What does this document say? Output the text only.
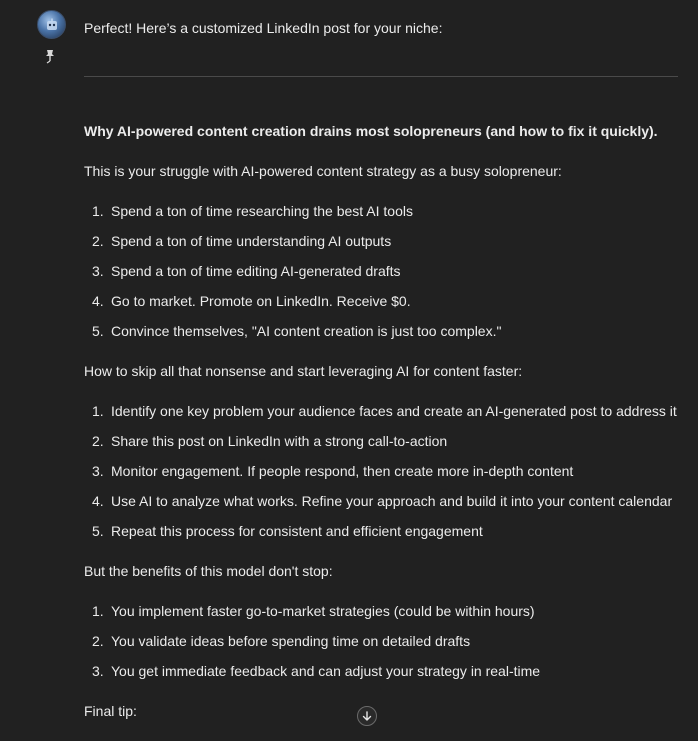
Perfect! Here’s a customized LinkedIn post for your niche:

Why AI-powered content creation drains most solopreneurs (and how to fix it quickly).

This is your struggle with AI-powered content strategy as a busy solopreneur:

1. Spend a ton of time researching the best AI tools
2. Spend a ton of time understanding AI outputs
3. Spend a ton of time editing AI-generated drafts
4. Go to market. Promote on LinkedIn. Receive $0.
5. Convince themselves, "AI content creation is just too complex."

How to skip all that nonsense and start leveraging AI for content faster:

1. Identify one key problem your audience faces and create an AI-generated post to address it
2. Share this post on LinkedIn with a strong call-to-action
3. Monitor engagement. If people respond, then create more in-depth content
4. Use AI to analyze what works. Refine your approach and build it into your content calendar
5. Repeat this process for consistent and efficient engagement

But the benefits of this model don't stop:

1. You implement faster go-to-market strategies (could be within hours)
2. You validate ideas before spending time on detailed drafts
3. You get immediate feedback and can adjust your strategy in real-time

Final tip:
